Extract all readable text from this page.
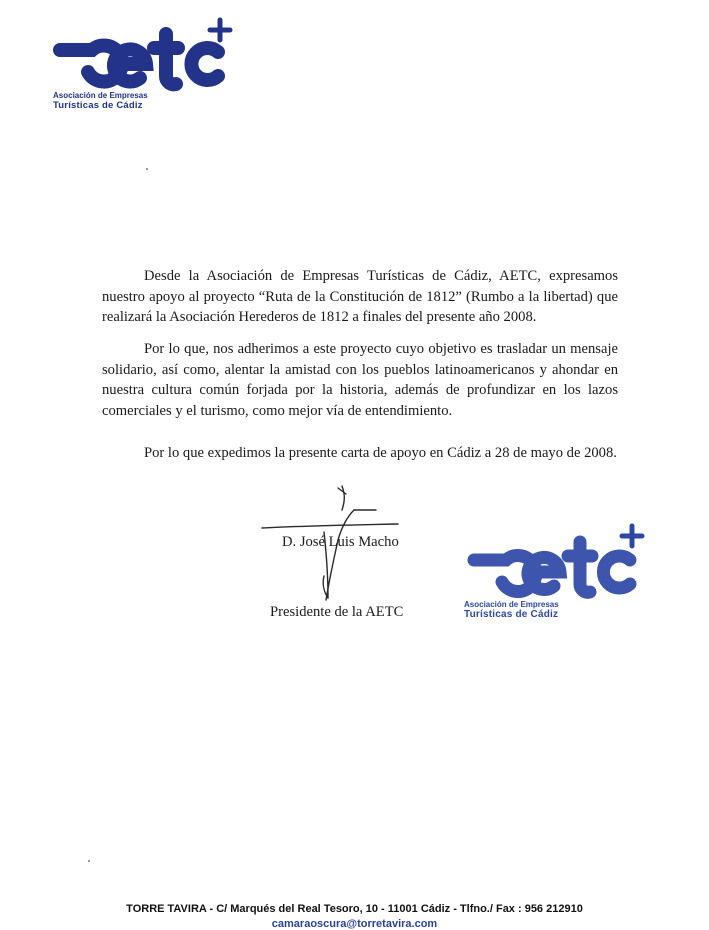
Asociación de Empresas
Turísticas de Cádiz

Desde la Asociación de Empresas Turísticas de Cádiz, AETC, expresamos nuestro apoyo al proyecto “Ruta de la Constitución de 1812” (Rumbo a la libertad) que realizará la Asociación Herederos de 1812 a finales del presente año 2008.

Por lo que, nos adherimos a este proyecto cuyo objetivo es trasladar un mensaje solidario, así como, alentar la amistad con los pueblos latinoamericanos y ahondar en nuestra cultura común forjada por la historia, además de profundizar en los lazos comerciales y el turismo, como mejor vía de entendimiento.

Por lo que expedimos la presente carta de apoyo en Cádiz a 28 de mayo de 2008.

D. José Luis Macho
Presidente de la AETC	Asociación de Empresas
Turísticas de Cádiz
TORRE TAVIRA - C/ Marqués del Real Tesoro, 10 - 11001 Cádiz - Tlfno./ Fax : 956 212910
camaraoscura@torretavira.com
